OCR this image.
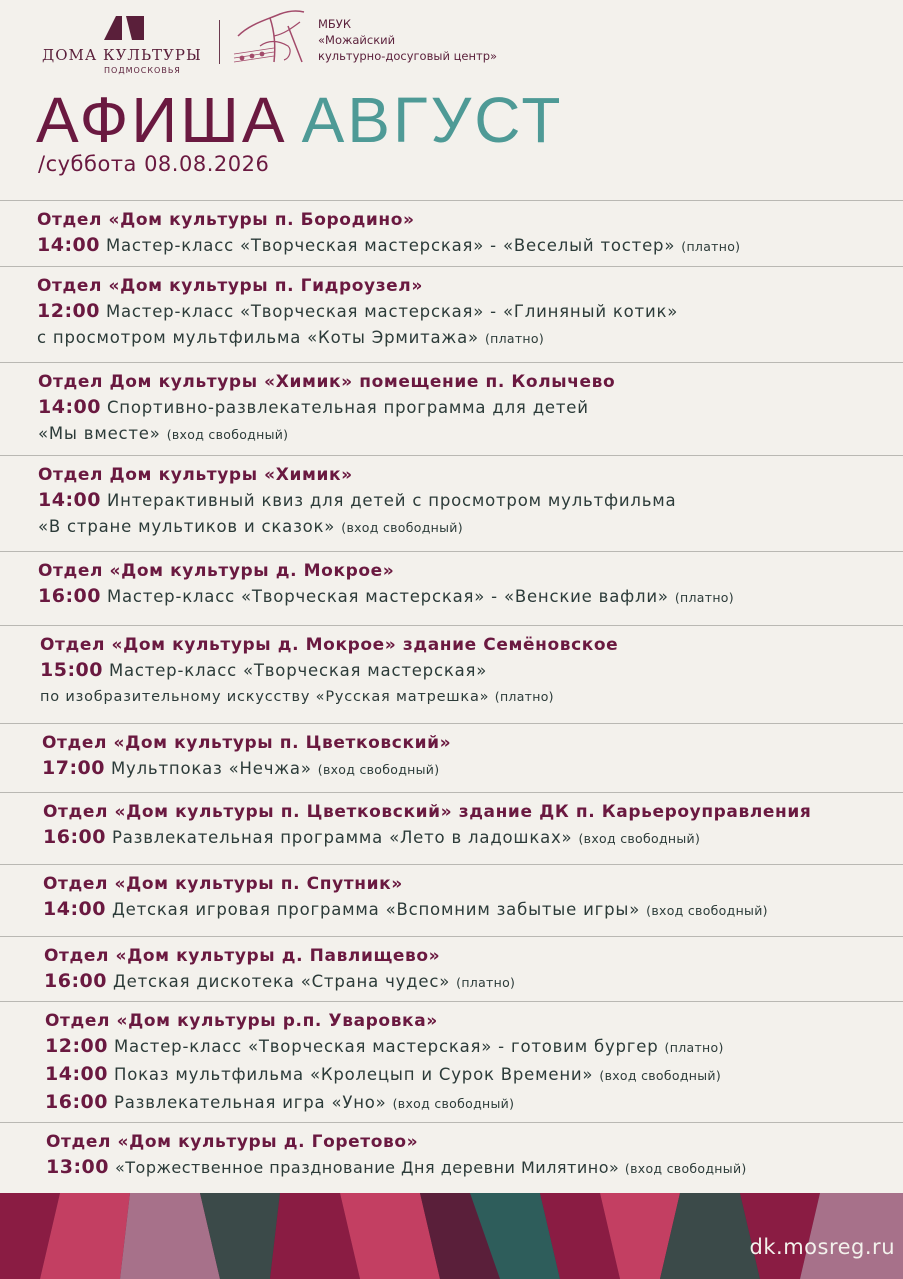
ДОМА КУЛЬТУРЫ
ПОДМОСКОВЬЯ
МБУК
«Можайский
культурно-досуговый центр»
АФИША АВГУСТ
/суббота 08.08.2026
Отдел «Дом культуры п. Бородино»
14:00 Мастер-класс «Творческая мастерская» - «Веселый тостер» (платно)
Отдел «Дом культуры п. Гидроузел»
12:00 Мастер-класс «Творческая мастерская» - «Глиняный котик»
с просмотром мультфильма «Коты Эрмитажа» (платно)
Отдел Дом культуры «Химик» помещение п. Колычево
14:00 Спортивно-развлекательная программа для детей
«Мы вместе» (вход свободный)
Отдел Дом культуры «Химик»
14:00 Интерактивный квиз для детей с просмотром мультфильма
«В стране мультиков и сказок» (вход свободный)
Отдел «Дом культуры д. Мокрое»
16:00 Мастер-класс «Творческая мастерская» - «Венские вафли» (платно)
Отдел «Дом культуры д. Мокрое» здание Семёновское
15:00 Мастер-класс «Творческая мастерская»
по изобразительному искусству «Русская матрешка» (платно)
Отдел «Дом культуры п. Цветковский»
17:00 Мультпоказ «Нечжа» (вход свободный)
Отдел «Дом культуры п. Цветковский» здание ДК п. Карьероуправления
16:00 Развлекательная программа «Лето в ладошках» (вход свободный)
Отдел «Дом культуры п. Спутник»
14:00 Детская игровая программа «Вспомним забытые игры» (вход свободный)
Отдел «Дом культуры д. Павлищево»
16:00 Детская дискотека «Страна чудес» (платно)
Отдел «Дом культуры р.п. Уваровка»
12:00 Мастер-класс «Творческая мастерская» - готовим бургер (платно)
14:00 Показ мультфильма «Кролецып и Сурок Времени» (вход свободный)
16:00 Развлекательная игра «Уно» (вход свободный)
Отдел «Дом культуры д. Горетово»
13:00 «Торжественное празднование Дня деревни Милятино» (вход свободный)
dk.mosreg.ru
